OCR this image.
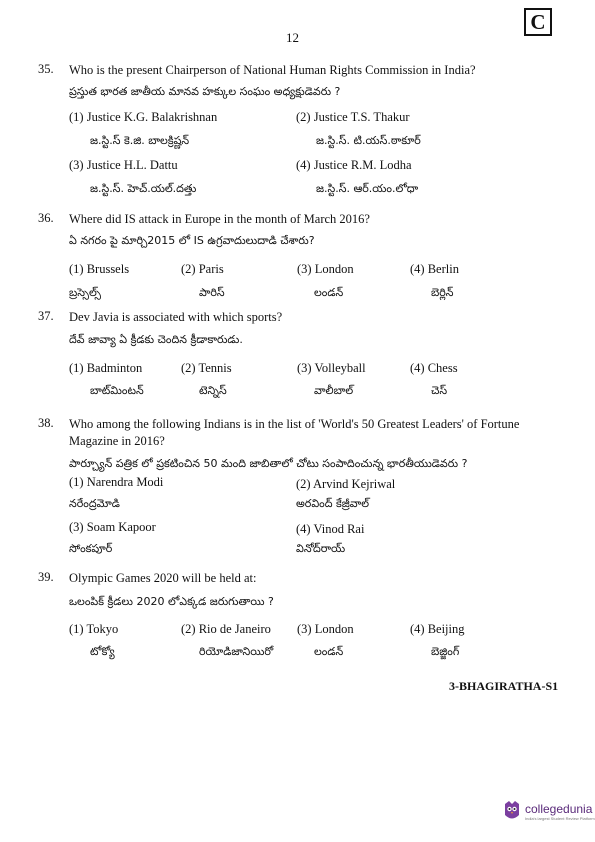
12
C
35. Who is the present Chairperson of National Human Rights Commission in India?
ప్రస్తుత భారత జాతీయ మానవ హక్కుల సంఘం అధ్యక్షుడెవరు ?
(1) Justice K.G. Balakrishnan
జ.స్టి.స్ కె.జి. బాలక్రిష్ణన్
(2) Justice T.S. Thakur
జ.స్టి.స్. టి.యస్.ఠాకూర్
(3) Justice H.L. Dattu
జ.స్టి.స్. హెచ్.యల్.దత్తు
(4) Justice R.M. Lodha
జ.స్టి.స్. ఆర్.యం.లోధా
36. Where did IS attack in Europe in the month of March 2016?
ఏ నగరం పై మార్చి2015 లో IS ఉగ్రవాదులుదాడి చేశారు?
(1) Brussels
బ్రస్సెల్స్
(2) Paris
పారిస్
(3) London
లండన్
(4) Berlin
బెర్లిన్
37. Dev Javia is associated with which sports?
దేవ్ జావ్యా ఏ క్రీడకు చెందిన క్రీడాకారుడు.
(1) Badminton
బాట్‌మింటన్
(2) Tennis
టెన్నిస్
(3) Volleyball
వాలీబాల్
(4) Chess
చెస్
38. Who among the following Indians is in the list of 'World's 50 Greatest Leaders' of Fortune Magazine in 2016?
పార్చ్యూన్ పత్రిక లో ప్రకటించిన 50 మంది జాబితాలో చోటు సంపాదించున్న భారతీయుడెవరు ?
(1) Narendra Modi
నరేంద్రమోడి
(2) Arvind Kejriwal
అరవింద్ కేజ్రీవాల్
(3) Soam Kapoor
సోంకపూర్
(4) Vinod Rai
వినోద్‌రాయ్
39. Olympic Games 2020 will be held at:
ఒలంపిక్ క్రీడలు 2020 లోఎక్కడ జరుగుతాయి ?
(1) Tokyo
టోక్యో
(2) Rio de Janeiro
రియోడిజానియిరో
(3) London
లండన్
(4) Beijing
బెజ్జింగ్
3-BHAGIRATHA-S1
collegedunia
India's largest Student Review Platform
